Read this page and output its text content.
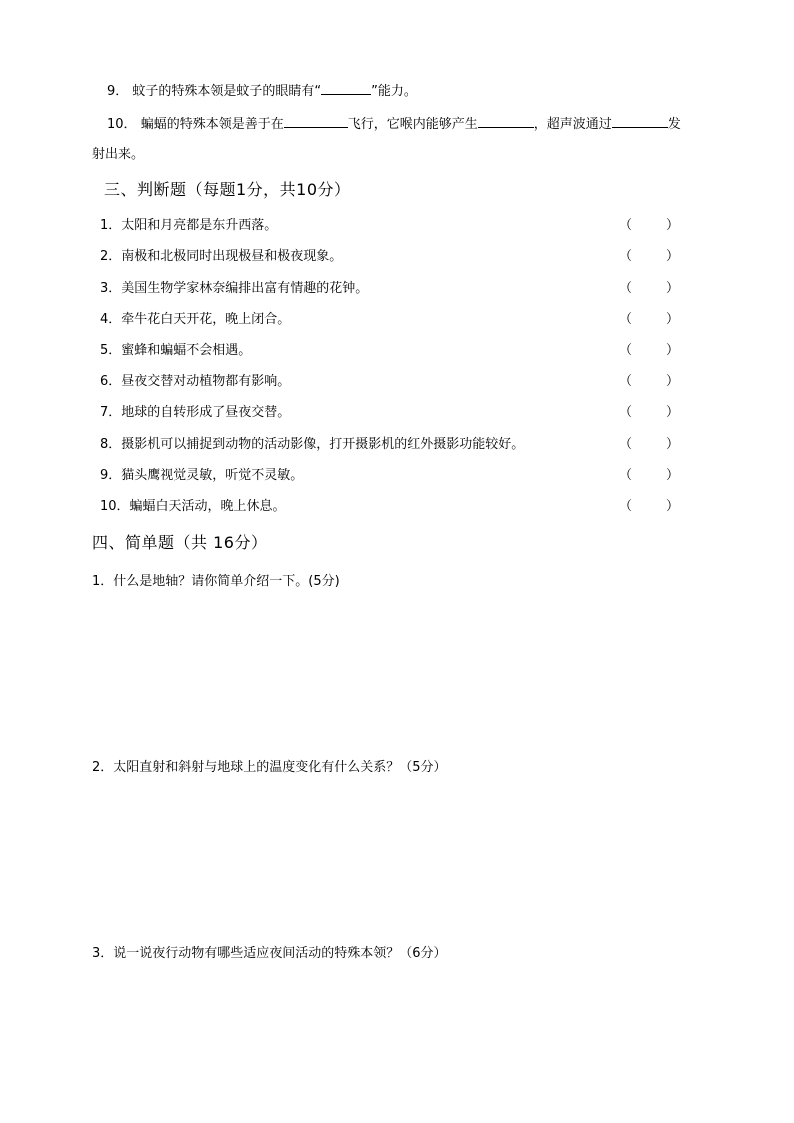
9． 蚊子的特殊本领是蚊子的眼睛有“	”能力。
10． 蝙蝠的特殊本领是善于在	飞行，它喉内能够产生	，超声波通过	发
射出来。
三、判断题（每题1分，共10分）
1．太阳和月亮都是东升西落。	（	）
2．南极和北极同时出现极昼和极夜现象。	（	）
3．美国生物学家林奈编排出富有情趣的花钟。	（	）
4．牵牛花白天开花，晚上闭合。	（	）
5．蜜蜂和蝙蝠不会相遇。	（	）
6．昼夜交替对动植物都有影响。	（	）
7．地球的自转形成了昼夜交替。	（	）
8．摄影机可以捕捉到动物的活动影像，打开摄影机的红外摄影功能较好。	（	）
9．猫头鹰视觉灵敏，听觉不灵敏。	（	）
10．蝙蝠白天活动，晚上休息。	（	）
四、简单题（共 16分）
1．什么是地轴？请你简单介绍一下。(5分)
2．太阳直射和斜射与地球上的温度变化有什么关系？（5分）
3．说一说夜行动物有哪些适应夜间活动的特殊本领？（6分）
